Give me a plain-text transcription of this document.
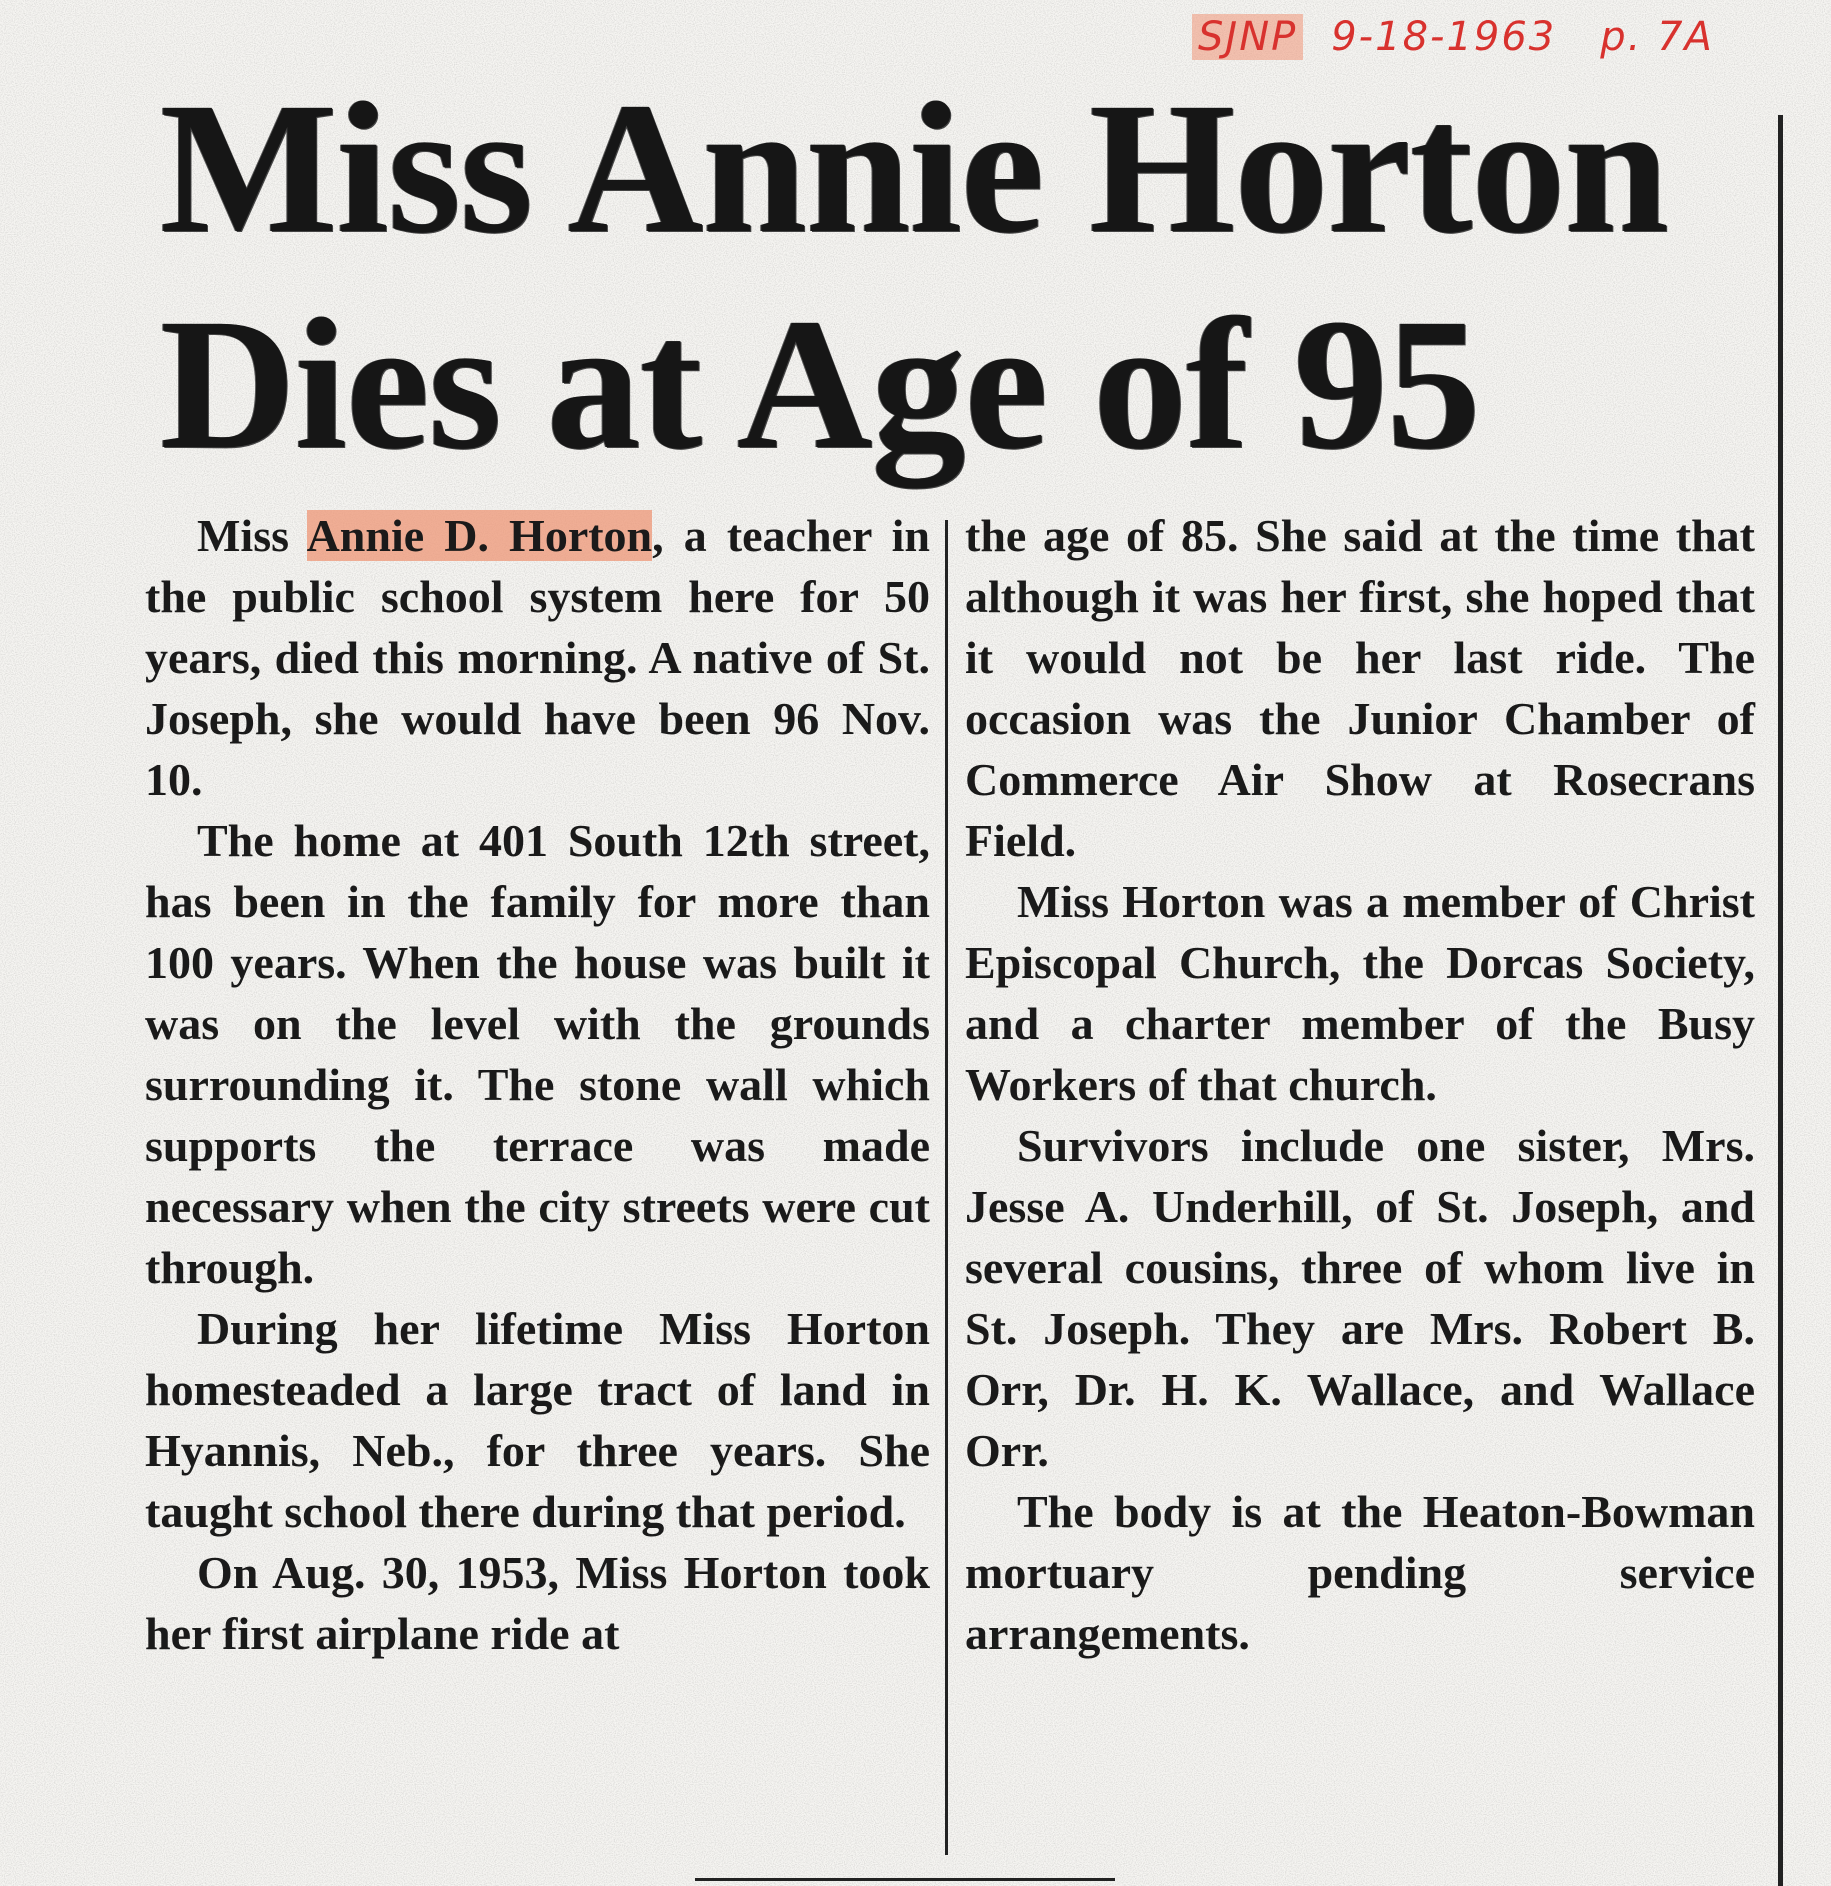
SJNP 9-18-1963 p. 7A
Miss Annie Horton
Dies at Age of 95

Miss Annie D. Horton, a teacher in the public school system here for 50 years, died this morning. A native of St. Joseph, she would have been 96 Nov. 10.

The home at 401 South 12th street, has been in the family for more than 100 years. When the house was built it was on the level with the grounds surrounding it. The stone wall which supports the terrace was made necessary when the city streets were cut through.

During her lifetime Miss Horton homesteaded a large tract of land in Hyannis, Neb., for three years. She taught school there during that period.

On Aug. 30, 1953, Miss Horton took her first airplane ride at

the age of 85. She said at the time that although it was her first, she hoped that it would not be her last ride. The occasion was the Junior Chamber of Commerce Air Show at Rosecrans Field.

Miss Horton was a member of Christ Episcopal Church, the Dorcas Society, and a charter member of the Busy Workers of that church.

Survivors include one sister, Mrs. Jesse A. Underhill, of St. Joseph, and several cousins, three of whom live in St. Joseph. They are Mrs. Robert B. Orr, Dr. H. K. Wallace, and Wallace Orr.

The body is at the Heaton-Bowman mortuary pending service arrangements.
